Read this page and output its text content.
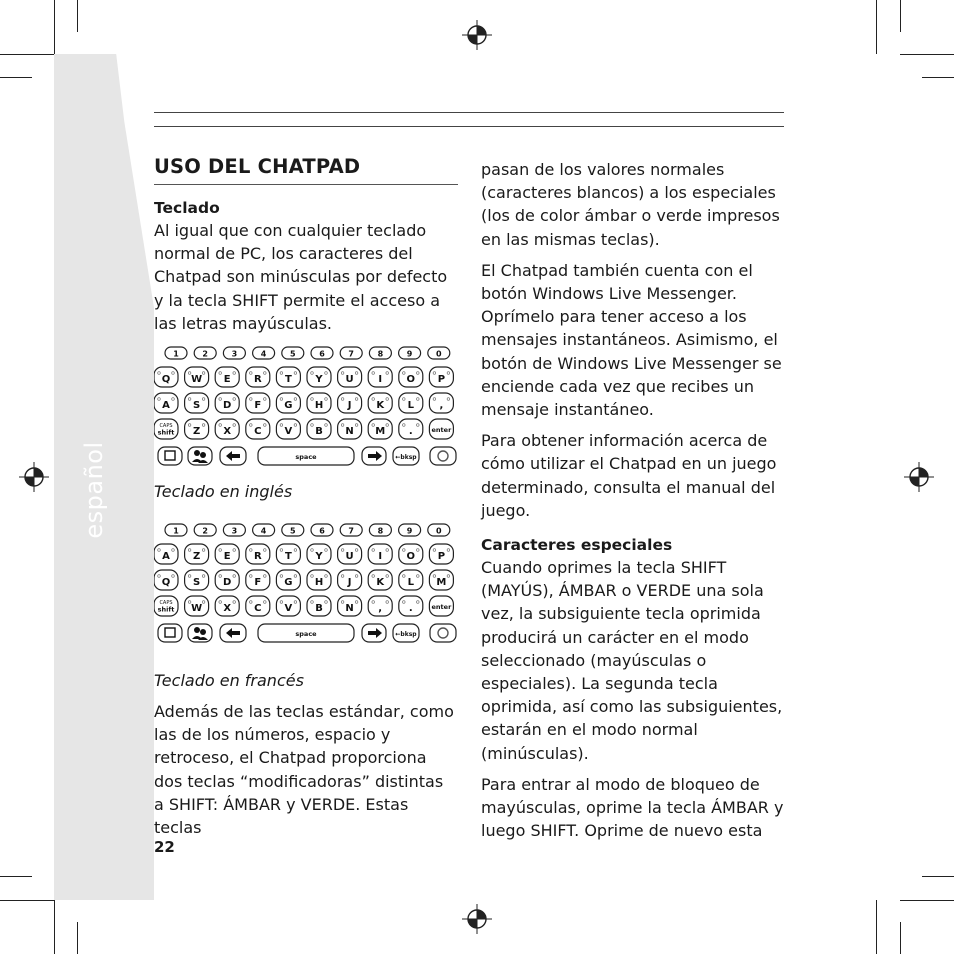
español
USO DEL CHATPAD
Teclado

Al igual que con cualquier teclado normal de PC, los caracteres del Chatpad son minúsculas por defecto y la tecla SHIFT permite el acceso a las letras mayúsculas.

1	2	3	4	5	6	7	8	9	0
Q W E R T Y U I O P
A S D F G H J K L	,
CAPS
shift Z X C V B N M .	enter
space	←bksp
Teclado en inglés
1	2	3	4	5	6	7	8	9	0
A Z E R T Y U I O P
Q S D F G H J K L M
CAPS
shift W X C V B N ,	.	enter
space	←bksp
Teclado en francés

Además de las teclas estándar, como las de los números, espacio y retroceso, el Chatpad proporciona dos teclas “modificadoras” distintas a SHIFT: ÁMBAR y VERDE. Estas teclas

pasan de los valores normales (caracteres blancos) a los especiales (los de color ámbar o verde impresos en las mismas teclas).

El Chatpad también cuenta con el botón Windows Live Messenger. Oprímelo para tener acceso a los mensajes instantáneos. Asimismo, el botón de Windows Live Messenger se enciende cada vez que recibes un mensaje instantáneo.

Para obtener información acerca de cómo utilizar el Chatpad en un juego determinado, consulta el manual del juego.

Caracteres especiales

Cuando oprimes la tecla SHIFT (MAYÚS), ÁMBAR o VERDE una sola vez, la subsiguiente tecla oprimida producirá un carácter en el modo seleccionado (mayúsculas o especiales). La segunda tecla oprimida, así como las subsiguientes, estarán en el modo normal (minúsculas).

Para entrar al modo de bloqueo de mayúsculas, oprime la tecla ÁMBAR y luego SHIFT. Oprime de nuevo esta

22
